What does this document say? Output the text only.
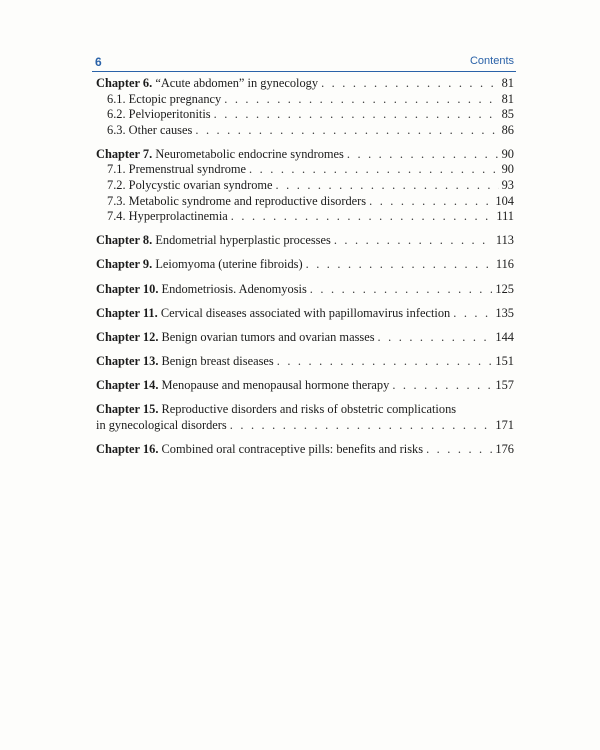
6	Contents
Chapter 6. “Acute abdomen” in gynecology . . .	81
6.1. Ectopic pregnancy . . .	81
6.2. Pelvioperitonitis . . .	85
6.3. Other causes . . .	86
Chapter 7. Neurometabolic endocrine syndromes . . .	90
7.1. Premenstrual syndrome . . .	90
7.2. Polycystic ovarian syndrome . . .	93
7.3. Metabolic syndrome and reproductive disorders . . .	104
7.4. Hyperprolactinemia . . .	111
Chapter 8. Endometrial hyperplastic processes . . .	113
Chapter 9. Leiomyoma (uterine fibroids) . . .	116
Chapter 10. Endometriosis. Adenomyosis . . .	125
Chapter 11. Cervical diseases associated with papillomavirus infection . . .	135
Chapter 12. Benign ovarian tumors and ovarian masses . . .	144
Chapter 13. Benign breast diseases . . .	151
Chapter 14. Menopause and menopausal hormone therapy . . .	157
Chapter 15. Reproductive disorders and risks of obstetric complications
in gynecological disorders . . .	171
Chapter 16. Combined oral contraceptive pills: benefits and risks . . .	176
